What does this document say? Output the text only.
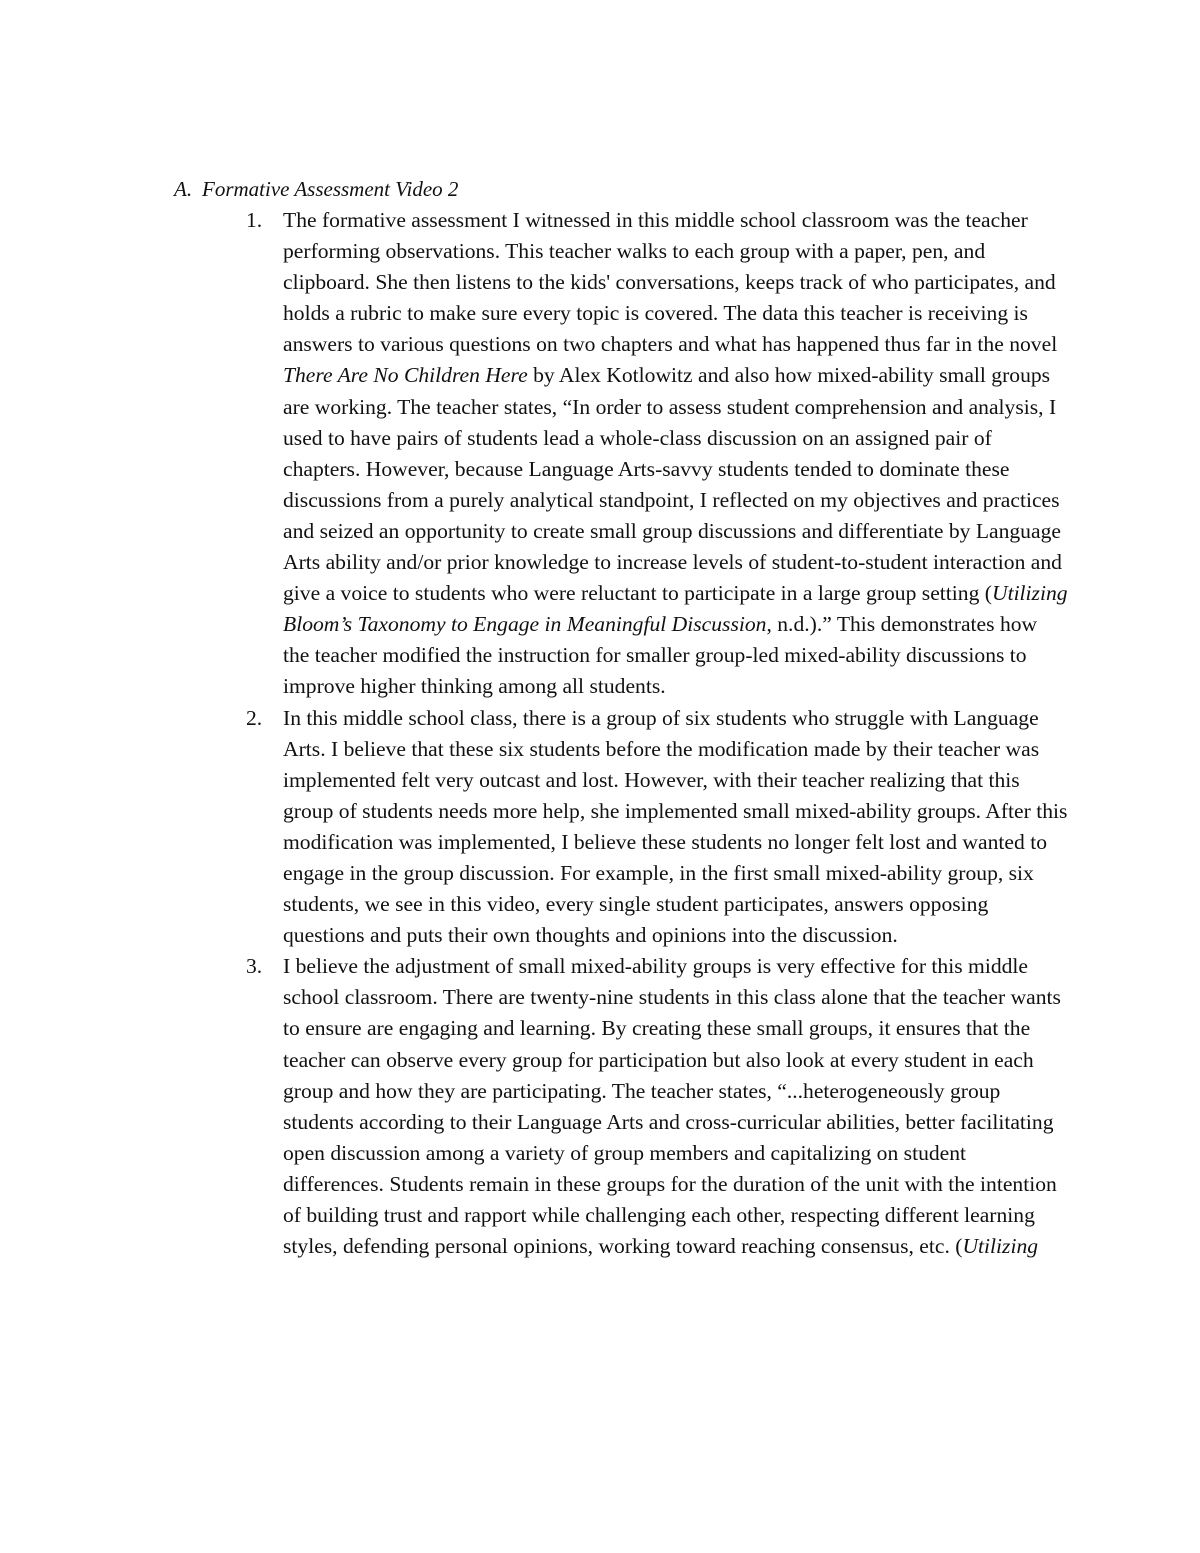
A. Formative Assessment Video 2

1. The formative assessment I witnessed in this middle school classroom was the teacher performing observations. This teacher walks to each group with a paper, pen, and clipboard. She then listens to the kids' conversations, keeps track of who participates, and holds a rubric to make sure every topic is covered. The data this teacher is receiving is answers to various questions on two chapters and what has happened thus far in the novel There Are No Children Here by Alex Kotlowitz and also how mixed-ability small groups are working. The teacher states, “In order to assess student comprehension and analysis, I used to have pairs of students lead a whole-class discussion on an assigned pair of chapters. However, because Language Arts-savvy students tended to dominate these discussions from a purely analytical standpoint, I reflected on my objectives and practices and seized an opportunity to create small group discussions and differentiate by Language Arts ability and/or prior knowledge to increase levels of student-to-student interaction and give a voice to students who were reluctant to participate in a large group setting (Utilizing Bloom’s Taxonomy to Engage in Meaningful Discussion, n.d.).” This demonstrates how the teacher modified the instruction for smaller group-led mixed-ability discussions to improve higher thinking among all students.
2. In this middle school class, there is a group of six students who struggle with Language Arts. I believe that these six students before the modification made by their teacher was implemented felt very outcast and lost. However, with their teacher realizing that this group of students needs more help, she implemented small mixed-ability groups. After this modification was implemented, I believe these students no longer felt lost and wanted to engage in the group discussion. For example, in the first small mixed-ability group, six students, we see in this video, every single student participates, answers opposing questions and puts their own thoughts and opinions into the discussion.
3. I believe the adjustment of small mixed-ability groups is very effective for this middle school classroom. There are twenty-nine students in this class alone that the teacher wants to ensure are engaging and learning. By creating these small groups, it ensures that the teacher can observe every group for participation but also look at every student in each group and how they are participating. The teacher states, “...heterogeneously group students according to their Language Arts and cross-curricular abilities, better facilitating open discussion among a variety of group members and capitalizing on student differences. Students remain in these groups for the duration of the unit with the intention of building trust and rapport while challenging each other, respecting different learning styles, defending personal opinions, working toward reaching consensus, etc. (Utilizing
